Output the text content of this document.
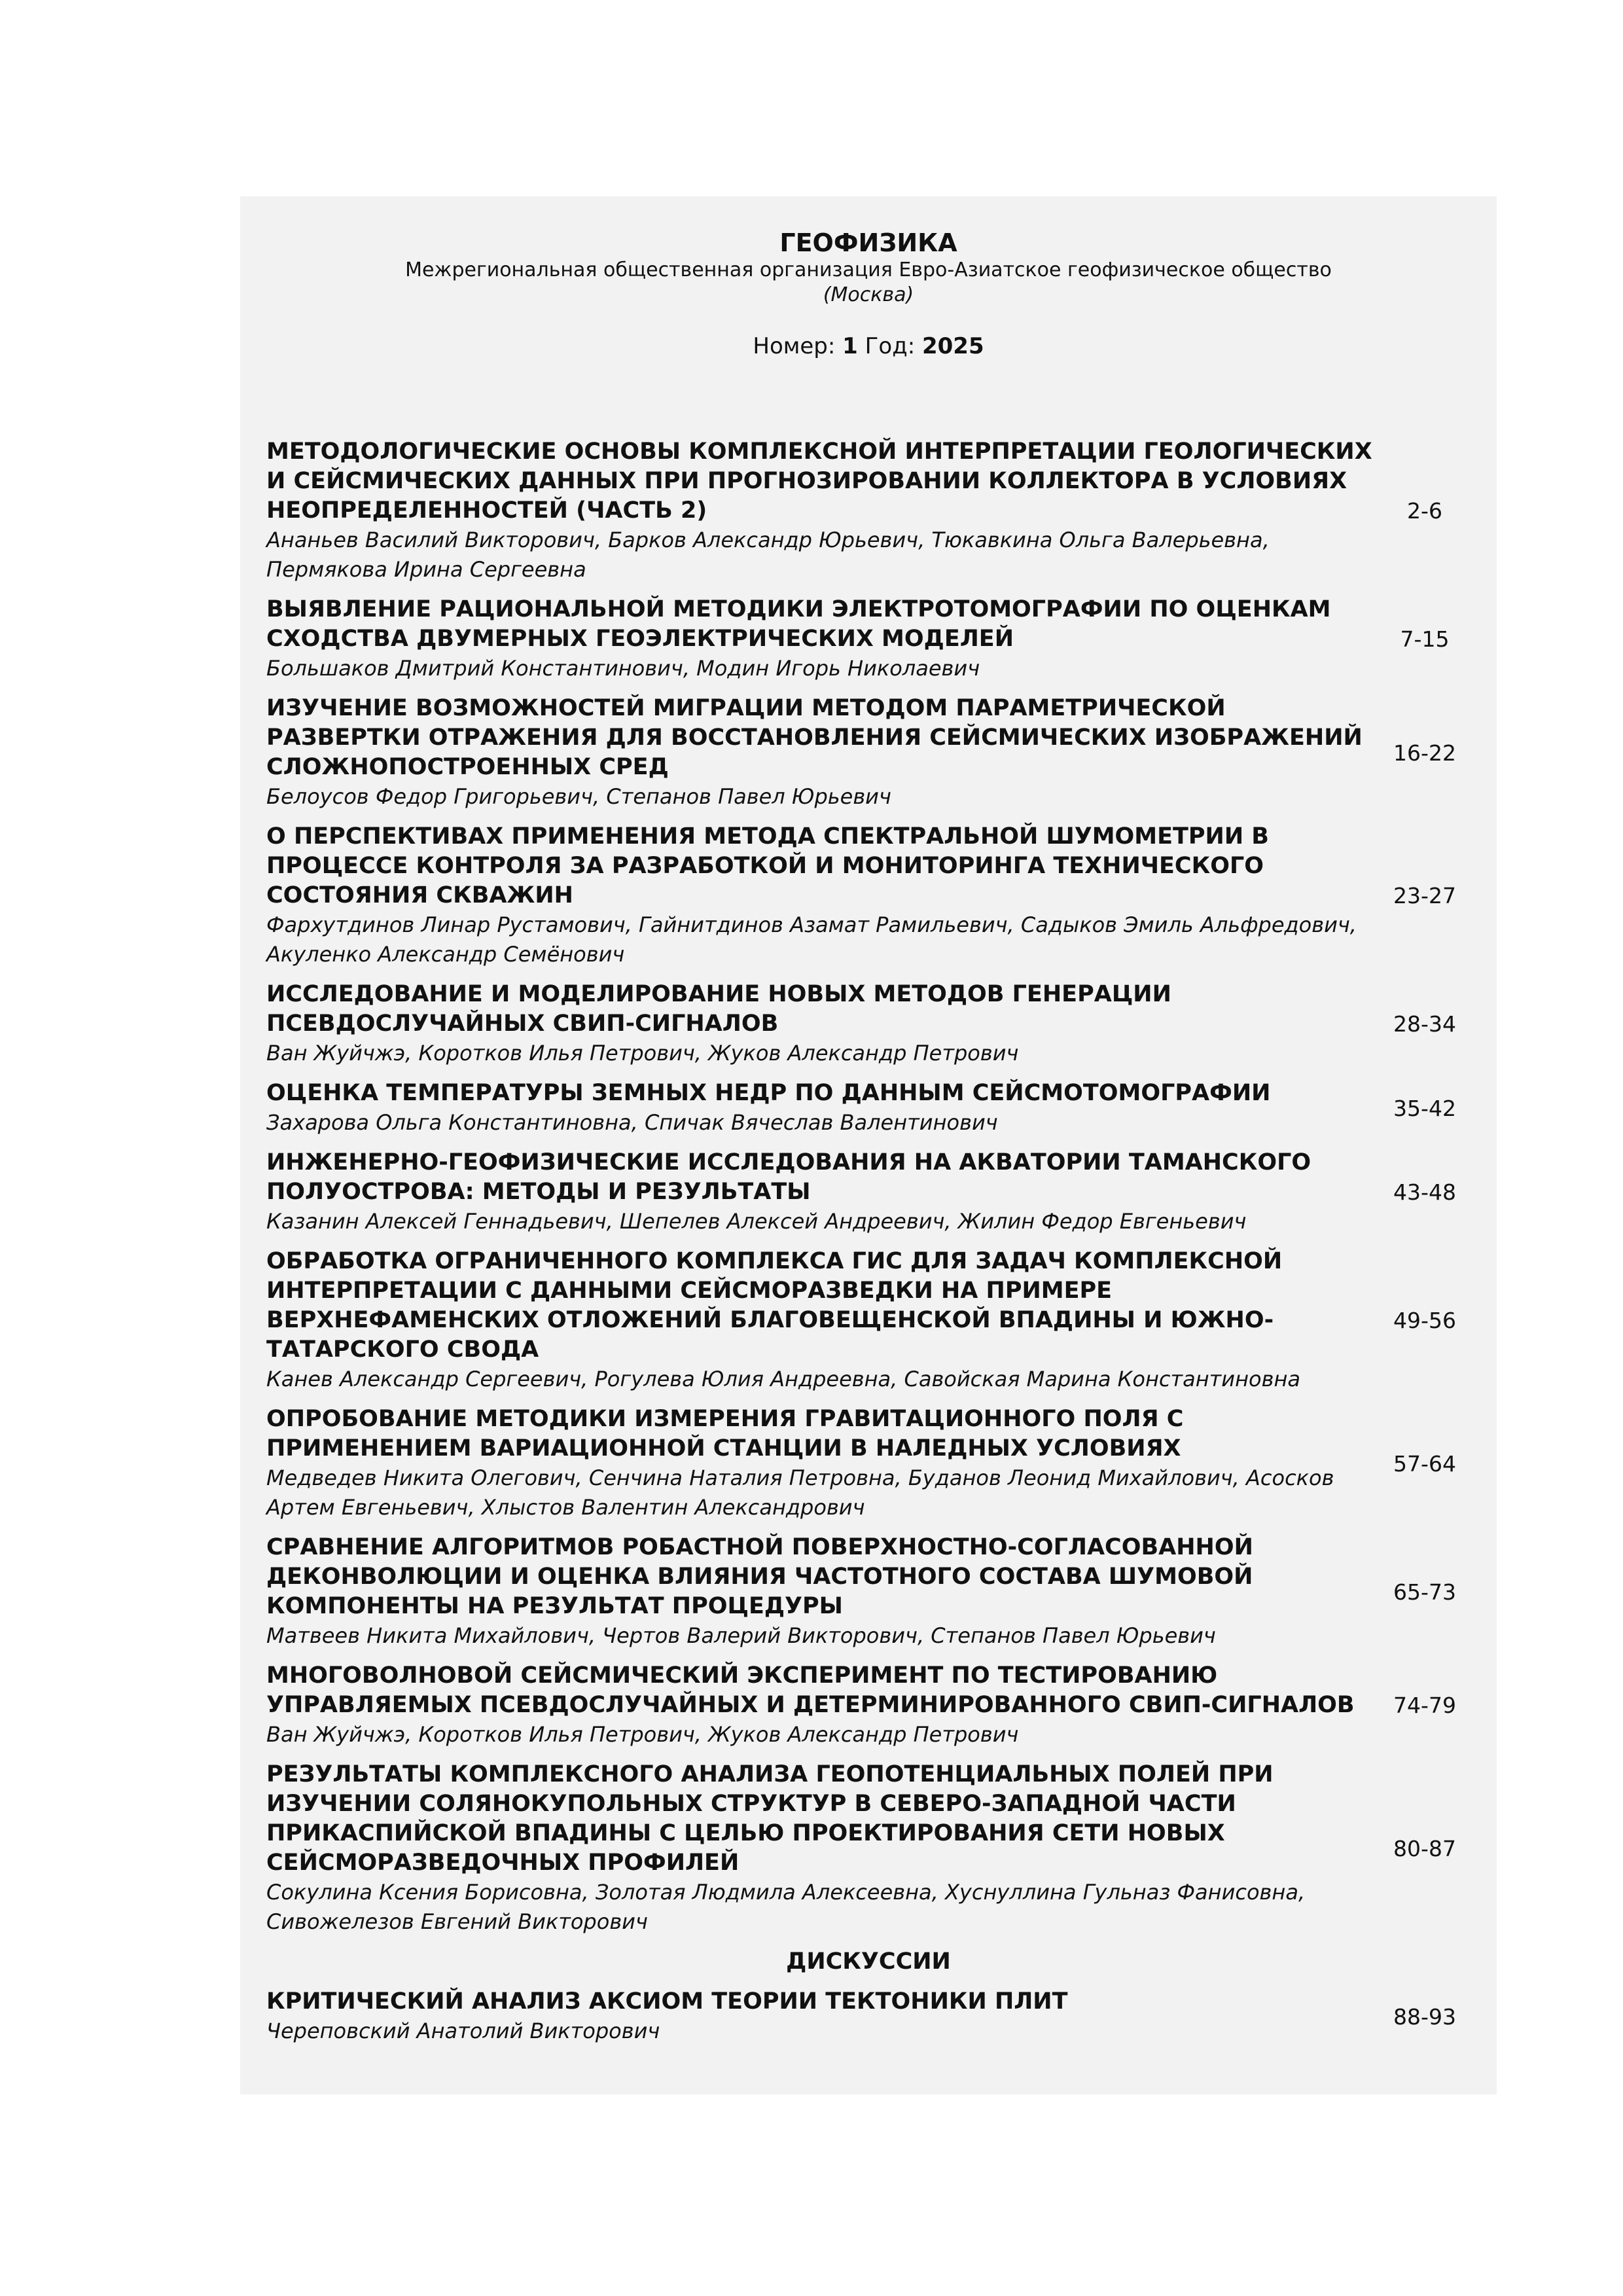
ГЕОФИЗИКА
Межрегиональная общественная организация Евро-Азиатское геофизическое общество
(Москва)
Номер: 1 Год: 2025
МЕТОДОЛОГИЧЕСКИЕ ОСНОВЫ КОМПЛЕКСНОЙ ИНТЕРПРЕТАЦИИ ГЕОЛОГИЧЕСКИХ И СЕЙСМИЧЕСКИХ ДАННЫХ ПРИ ПРОГНОЗИРОВАНИИ КОЛЛЕКТОРА В УСЛОВИЯХ НЕОПРЕДЕЛЕННОСТЕЙ (ЧАСТЬ 2)
Ананьев Василий Викторович, Барков Александр Юрьевич, Тюкавкина Ольга Валерьевна, Пермякова Ирина Сергеевна
2-6
ВЫЯВЛЕНИЕ РАЦИОНАЛЬНОЙ МЕТОДИКИ ЭЛЕКТРОТОМОГРАФИИ ПО ОЦЕНКАМ СХОДСТВА ДВУМЕРНЫХ ГЕОЭЛЕКТРИЧЕСКИХ МОДЕЛЕЙ
Большаков Дмитрий Константинович, Модин Игорь Николаевич
7-15
ИЗУЧЕНИЕ ВОЗМОЖНОСТЕЙ МИГРАЦИИ МЕТОДОМ ПАРАМЕТРИЧЕСКОЙ РАЗВЕРТКИ ОТРАЖЕНИЯ ДЛЯ ВОССТАНОВЛЕНИЯ СЕЙСМИЧЕСКИХ ИЗОБРАЖЕНИЙ СЛОЖНОПОСТРОЕННЫХ СРЕД
Белоусов Федор Григорьевич, Степанов Павел Юрьевич
16-22
О ПЕРСПЕКТИВАХ ПРИМЕНЕНИЯ МЕТОДА СПЕКТРАЛЬНОЙ ШУМОМЕТРИИ В ПРОЦЕССЕ КОНТРОЛЯ ЗА РАЗРАБОТКОЙ И МОНИТОРИНГА ТЕХНИЧЕСКОГО СОСТОЯНИЯ СКВАЖИН
Фархутдинов Линар Рустамович, Гайнитдинов Азамат Рамильевич, Садыков Эмиль Альфредович, Акуленко Александр Семёнович
23-27
ИССЛЕДОВАНИЕ И МОДЕЛИРОВАНИЕ НОВЫХ МЕТОДОВ ГЕНЕРАЦИИ ПСЕВДОСЛУЧАЙНЫХ СВИП-СИГНАЛОВ
Ван Жуйчжэ, Коротков Илья Петрович, Жуков Александр Петрович
28-34
ОЦЕНКА ТЕМПЕРАТУРЫ ЗЕМНЫХ НЕДР ПО ДАННЫМ СЕЙСМОТОМОГРАФИИ
Захарова Ольга Константиновна, Спичак Вячеслав Валентинович
35-42
ИНЖЕНЕРНО-ГЕОФИЗИЧЕСКИЕ ИССЛЕДОВАНИЯ НА АКВАТОРИИ ТАМАНСКОГО ПОЛУОСТРОВА: МЕТОДЫ И РЕЗУЛЬТАТЫ
Казанин Алексей Геннадьевич, Шепелев Алексей Андреевич, Жилин Федор Евгеньевич
43-48
ОБРАБОТКА ОГРАНИЧЕННОГО КОМПЛЕКСА ГИС ДЛЯ ЗАДАЧ КОМПЛЕКСНОЙ ИНТЕРПРЕТАЦИИ С ДАННЫМИ СЕЙСМОРАЗВЕДКИ НА ПРИМЕРЕ ВЕРХНЕФАМЕНСКИХ ОТЛОЖЕНИЙ БЛАГОВЕЩЕНСКОЙ ВПАДИНЫ И ЮЖНО-ТАТАРСКОГО СВОДА
Канев Александр Сергеевич, Рогулева Юлия Андреевна, Савойская Марина Константиновна
49-56
ОПРОБОВАНИЕ МЕТОДИКИ ИЗМЕРЕНИЯ ГРАВИТАЦИОННОГО ПОЛЯ С ПРИМЕНЕНИЕМ ВАРИАЦИОННОЙ СТАНЦИИ В НАЛЕДНЫХ УСЛОВИЯХ
Медведев Никита Олегович, Сенчина Наталия Петровна, Буданов Леонид Михайлович, Асосков Артем Евгеньевич, Хлыстов Валентин Александрович
57-64
СРАВНЕНИЕ АЛГОРИТМОВ РОБАСТНОЙ ПОВЕРХНОСТНО-СОГЛАСОВАННОЙ ДЕКОНВОЛЮЦИИ И ОЦЕНКА ВЛИЯНИЯ ЧАСТОТНОГО СОСТАВА ШУМОВОЙ КОМПОНЕНТЫ НА РЕЗУЛЬТАТ ПРОЦЕДУРЫ
Матвеев Никита Михайлович, Чертов Валерий Викторович, Степанов Павел Юрьевич
65-73
МНОГОВОЛНОВОЙ СЕЙСМИЧЕСКИЙ ЭКСПЕРИМЕНТ ПО ТЕСТИРОВАНИЮ УПРАВЛЯЕМЫХ ПСЕВДОСЛУЧАЙНЫХ И ДЕТЕРМИНИРОВАННОГО СВИП-СИГНАЛОВ
Ван Жуйчжэ, Коротков Илья Петрович, Жуков Александр Петрович
74-79
РЕЗУЛЬТАТЫ КОМПЛЕКСНОГО АНАЛИЗА ГЕОПОТЕНЦИАЛЬНЫХ ПОЛЕЙ ПРИ ИЗУЧЕНИИ СОЛЯНОКУПОЛЬНЫХ СТРУКТУР В СЕВЕРО-ЗАПАДНОЙ ЧАСТИ ПРИКАСПИЙСКОЙ ВПАДИНЫ С ЦЕЛЬЮ ПРОЕКТИРОВАНИЯ СЕТИ НОВЫХ СЕЙСМОРАЗВЕДОЧНЫХ ПРОФИЛЕЙ
Сокулина Ксения Борисовна, Золотая Людмила Алексеевна, Хуснуллина Гульназ Фанисовна, Сивожелезов Евгений Викторович
80-87
ДИСКУССИИ
КРИТИЧЕСКИЙ АНАЛИЗ АКСИОМ ТЕОРИИ ТЕКТОНИКИ ПЛИТ
Череповский Анатолий Викторович
88-93
